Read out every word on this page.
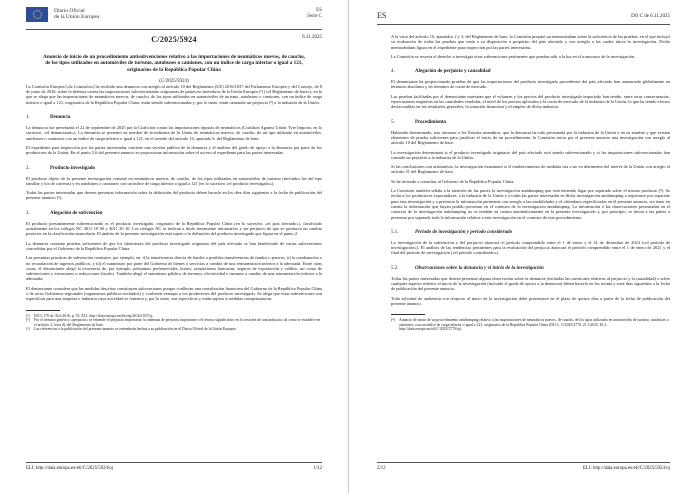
Diario Oficial
de la Unión Europea
ES
Serie C
C/2025/5924	6.11.2025
Anuncio de inicio de un procedimiento antisubvenciones relativo a las importaciones de neumáticos nuevos, de caucho, de los tipos utilizados en automóviles de turismo, autobuses o camiones, con un índice de carga inferior o igual a 121, originarios de la República Popular China
(C/2025/5924)

La Comisión Europea («la Comisión») ha recibido una denuncia con arreglo al artículo 10 del Reglamento (UE) 2016/1037 del Parlamento Europeo y del Consejo, de 8 de junio de 2016, sobre la defensa contra las importaciones subvencionadas originarias de países no miembros de la Unión Europea (¹) («el Reglamento de base»), en la que se alega que las importaciones de neumáticos nuevos, de caucho, de los tipos utilizados en automóviles de turismo, autobuses o camiones, con un índice de carga inferior o igual a 121, originarios de la República Popular China, están siendo subvencionadas y, por lo tanto, están causando un perjuicio (²) a la industria de la Unión.

1.	Denuncia

La denuncia fue presentada el 22 de septiembre de 2025 por la Coalición contra las importaciones injustas de neumáticos (Coalition Against Unfair Tyre Imports; en lo sucesivo, «el denunciante»). La denuncia se presentó en nombre de la industria de la Unión de neumáticos nuevos, de caucho, de un tipo utilizado en automóviles, autobuses o camiones con un índice de carga inferior o igual a 121, en el sentido del artículo 10, apartado 6, del Reglamento de base.

El expediente para inspección por las partes interesadas contiene una versión pública de la denuncia y el análisis del grado de apoyo a la denuncia por parte de los productores de la Unión. En el punto 5.6 del presente anuncio se proporciona información sobre el acceso al expediente para las partes interesadas.

2.	Producto investigado

El producto objeto de la presente investigación consiste en neumáticos nuevos, de caucho, de los tipos utilizados en automóviles de turismo (incluidos los del tipo familiar y los de carreras) y en autobuses o camiones con un índice de carga inferior o igual a 121 (en lo sucesivo «el producto investigado»).

Todas las partes interesadas que deseen presentar información sobre la definición del producto deben hacerlo en los diez días siguientes a la fecha de publicación del presente anuncio (³).

3.	Alegación de subvención

El producto presuntamente subvencionado es el producto investigado, originario de la República Popular China (en lo sucesivo, «el país afectado»), clasificado actualmente en los códigos NC 4011 10 00 y 4011 20 10. Los códigos NC se indican a título meramente informativo y sin perjuicio de que se produzca un cambio posterior en la clasificación arancelaria. El ámbito de la presente investigación está sujeto a la definición del producto investigado que figura en el punto 2.

La denuncia contiene pruebas suficientes de que los fabricantes del producto investigado originario del país afectado se han beneficiado de varias subvenciones concedidas por el Gobierno de la República Popular China.

Las presuntas prácticas de subvención consisten, por ejemplo, en: i) la transferencia directa de fondos o posibles transferencias de fondos o pasivos, ii) la condonación o no recaudación de ingresos públicos, y iii) el suministro por parte del Gobierno de bienes o servicios a cambio de una remuneración inferior a la adecuada. Entre otras cosas, el denunciante alegó la existencia de, por ejemplo, préstamos preferenciales, bonos, aceptaciones bancarias, seguros de exportación y crédito, así como de subvenciones y exenciones o reducciones fiscales. También alegó el suministro público de terrenos, electricidad e insumos a cambio de una remuneración inferior a la adecuada.

El denunciante considera que las medidas descritas constituyen subvenciones porque conllevan una contribución financiera del Gobierno de la República Popular China o de otros Gobiernos regionales (organismos públicos incluidos) y confieren ventajas a los productores del producto investigado. Se alega que estas subvenciones son específicas para una empresa o industria cuya actividad se fomenta y, por lo tanto, son específicas y están sujetas a medidas compensatorias.

(¹)	DO L 176 de 30.6.2016, p. 55, ELI: http://data.europa.eu/eli/reg/2016/1037/oj.
(²)	Por el término genérico «perjuicio» se entiende el perjuicio importante, la amenaza de perjuicio importante o el retraso significativo en la creación de una industria, tal como se establece en el artículo 2, letra d), del Reglamento de base.
(³)	Las referencias a la publicación del presente anuncio se entenderán hechas a su publicación en el Diario Oficial de la Unión Europea.
ELI: http://data.europa.eu/eli/C/2025/5924/oj	1/12
ES	DO C de 6.11.2025

A la vista del artículo 10, apartados 2 y 3, del Reglamento de base, la Comisión preparó un memorándum sobre la suficiencia de las pruebas, en el que incluyó su evaluación de todas las pruebas que tenía a su disposición a propósito del país afectado y con arreglo a las cuales inicia la investigación. Dicho memorándum figura en el expediente para inspección por las partes interesadas.

La Comisión se reserva el derecho a investigar otras subvenciones pertinentes que puedan salir a la luz en el transcurso de la investigación.

4.	Alegación de perjuicio y causalidad

El denunciante ha proporcionado pruebas de que las importaciones del producto investigado procedentes del país afectado han aumentado globalmente en términos absolutos y en términos de cuota de mercado.

Las pruebas facilitadas por el denunciante muestran que el volumen y los precios del producto investigado importado han tenido, entre otras consecuencias, repercusiones negativas en las cantidades vendidas, el nivel de los precios aplicados y la cuota de mercado de la industria de la Unión, lo que ha tenido efectos desfavorables en los resultados generales, la situación financiera y el empleo de dicha industria.

5.	Procedimiento

Habiendo determinado, tras informar a los Estados miembros, que la denuncia ha sido presentada por la industria de la Unión o en su nombre y que existen elementos de prueba suficientes para justificar el inicio de un procedimiento, la Comisión inicia por el presente anuncio una investigación con arreglo al artículo 10 del Reglamento de base.

La investigación determinará si el producto investigado originario del país afectado está siendo subvencionado y si las importaciones subvencionadas han causado un perjuicio a la industria de la Unión.

Si las conclusiones son afirmativas, la investigación examinará si el establecimiento de medidas iría o no en detrimento del interés de la Unión con arreglo al artículo 31 del Reglamento de base.

Se ha invitado a consultas al Gobierno de la República Popular China.

La Comisión también señala a la atención de las partes la investigación antidumping que está teniendo lugar por separado sobre el mismo producto (⁴). Se invita a los productores exportadores, a la industria de la Unión y a todas las partes interesadas en dicha investigación antidumping a registrarse por separado para esta investigación y a presentar la información pertinente con arreglo a las modalidades y el calendario especificados en el presente anuncio, sin tener en cuenta la información que hayan podido presentar en el contexto de la investigación antidumping. La información o las observaciones presentadas en el contexto de la investigación antidumping no se tendrán en cuenta automáticamente en la presente investigación y, por principio, se invita a las partes a presentar por separado toda la información relativa a esta investigación en el contexto de este procedimiento.

5.1.	Período de investigación y período considerado

La investigación de la subvención y del perjuicio abarcará el período comprendido entre el 1 de enero y el 31 de diciembre de 2024 («el período de investigación»). El análisis de las tendencias pertinentes para la evaluación del perjuicio abarcará el período comprendido entre el 1 de enero de 2021 y el final del período de investigación («el período considerado»).

5.2.	Observaciones sobre la denuncia y el inicio de la investigación

Todas las partes interesadas que deseen presentar alguna observación sobre la denuncia (incluidas las cuestiones relativas al perjuicio y la causalidad) o sobre cualquier aspecto relativo al inicio de la investigación (incluido el grado de apoyo a la denuncia) deben hacerlo en los treinta y siete días siguientes a la fecha de publicación del presente anuncio.

Toda solicitud de audiencia con respecto al inicio de la investigación debe presentarse en el plazo de quince días a partir de la fecha de publicación del presente anuncio.

(⁴)	Anuncio de inicio de un procedimiento antidumping relativo a las importaciones de neumáticos nuevos, de caucho, de los tipos utilizados en automóviles de turismo, autobuses o camiones, con un índice de carga inferior o igual a 121, originarios de la República Popular China (DO C, C/2025/2770, 21.5.2025, ELI: http://data.europa.eu/eli/C/2025/2770/oj).
2/12	ELI: http://data.europa.eu/eli/C/2025/5924/oj
